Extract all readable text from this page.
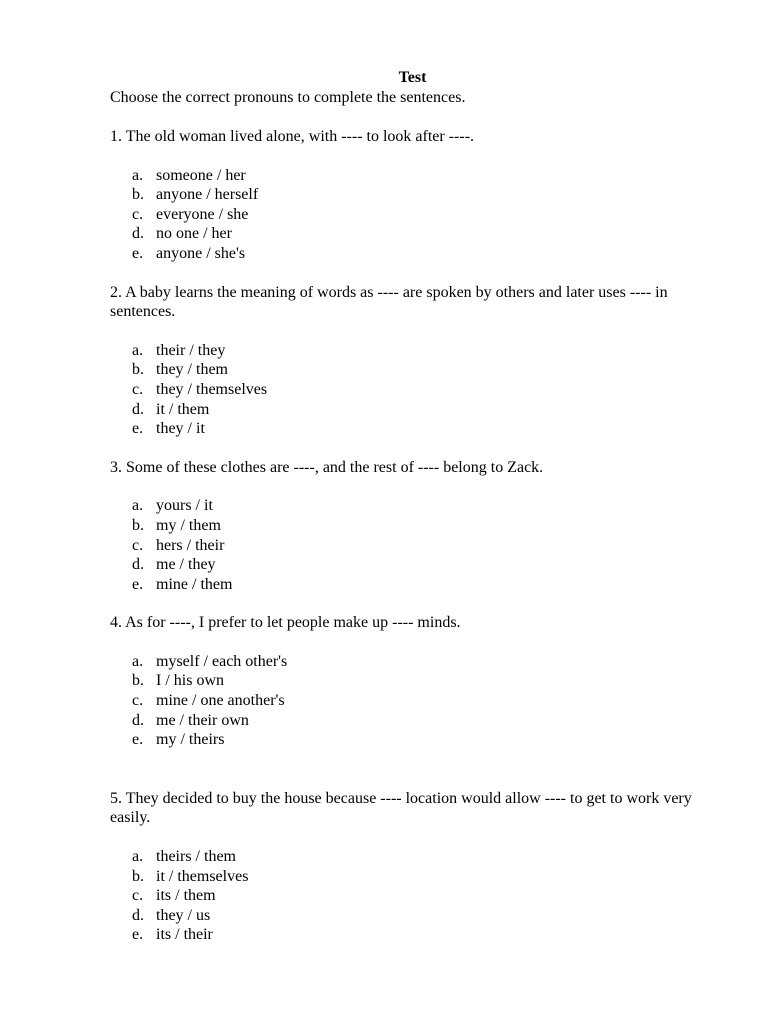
Test
Choose the correct pronouns to complete the sentences.
1. The old woman lived alone, with ---- to look after ----.
a. someone / her
b. anyone / herself
c. everyone / she
d. no one / her
e. anyone / she's
2. A baby learns the meaning of words as ---- are spoken by others and later uses ---- in sentences.
a. their / they
b. they / them
c. they / themselves
d. it / them
e. they / it
3. Some of these clothes are ----, and the rest of ---- belong to Zack.
a. yours / it
b. my / them
c. hers / their
d. me / they
e. mine / them
4. As for ----, I prefer to let people make up ---- minds.
a. myself / each other's
b. I / his own
c. mine / one another's
d. me / their own
e. my / theirs
5. They decided to buy the house because ---- location would allow ---- to get to work very easily.
a. theirs / them
b. it / themselves
c. its / them
d. they / us
e. its / their
